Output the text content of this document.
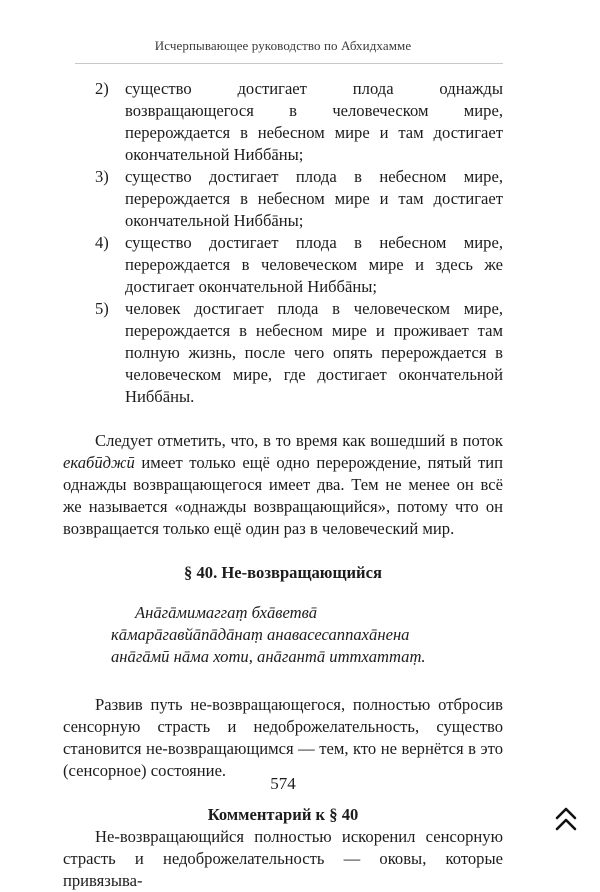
Исчерпывающее руководство по Абхидхамме
2) существо достигает плода однажды возвращающегося в человеческом мире, перерождается в небесном мире и там достигает окончательной Ниббāны;
3) существо достигает плода в небесном мире, перерождается в небесном мире и там достигает окончательной Ниббāны;
4) существо достигает плода в небесном мире, перерождается в человеческом мире и здесь же достигает окончательной Ниббāны;
5) человек достигает плода в человеческом мире, перерождается в небесном мире и проживает там полную жизнь, после чего опять перерождается в человеческом мире, где достигает окончательной Ниббāны.

Следует отметить, что, в то время как вошедший в поток екабӣджӣ имеет только ещё одно перерождение, пятый тип однажды возвращающегося имеет два. Тем не менее он всё же называется «однажды возвращающийся», потому что он возвращается только ещё один раз в человеческий мир.

§ 40. Не-возвращающийся

Анāгāмимаггаṃ бхāветвā кāмарāгавйāпāдāнаṃ анавасесаппахāнена анāгāмӣ нāма хоти, анāгантā иттхаттаṃ.

Развив путь не-возвращающегося, полностью отбросив сенсорную страсть и недоброжелательность, существо становится не-возвращающимся — тем, кто не вернётся в это (сенсорное) состояние.

Комментарий к § 40

Не-возвращающийся полностью искоренил сенсорную страсть и недоброжелательность — оковы, которые привязыва-

574
